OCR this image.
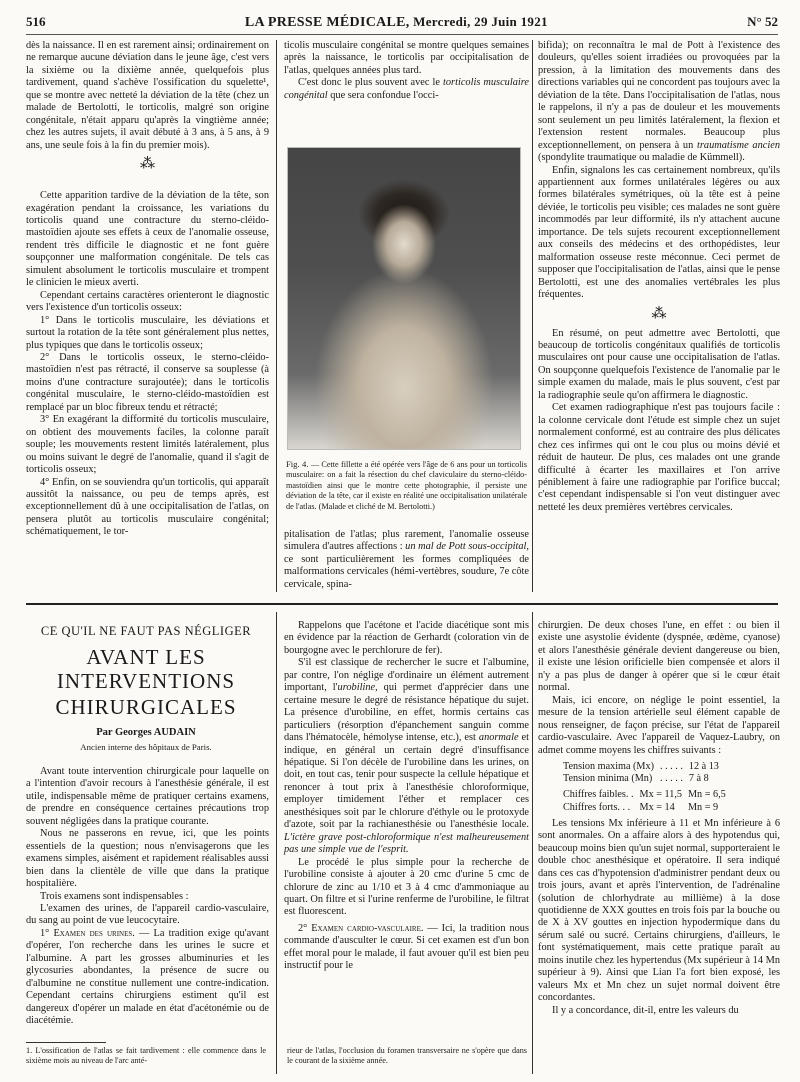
516	LA PRESSE MÉDICALE, Mercredi, 29 Juin 1921	N° 52

dès la naissance. Il en est rarement ainsi; ordinairement on ne remarque aucune déviation dans le jeune âge, c'est vers la sixième ou la dixième année, quelquefois plus tardivement, quand s'achève l'ossification du squelette¹, que se montre avec netteté la déviation de la tête (chez un malade de Bertolotti, le torticolis, malgré son origine congénitale, n'était apparu qu'après la vingtième année; chez les autres sujets, il avait débuté à 3 ans, à 5 ans, à 9 ans, une seule fois à la fin du premier mois).

⁂

Cette apparition tardive de la déviation de la tête, son exagération pendant la croissance, les variations du torticolis quand une contracture du sterno-cléido-mastoïdien ajoute ses effets à ceux de l'anomalie osseuse, rendent très difficile le diagnostic et ne font guère soupçonner une malformation congénitale. De tels cas simulent absolument le torticolis musculaire et trompent le clinicien le mieux averti.

Cependant certains caractères orienteront le diagnostic vers l'existence d'un torticolis osseux:

1° Dans le torticolis musculaire, les déviations et surtout la rotation de la tête sont généralement plus nettes, plus typiques que dans le torticolis osseux;

2° Dans le torticolis osseux, le sterno-cléido-mastoïdien n'est pas rétracté, il conserve sa souplesse (à moins d'une contracture surajoutée); dans le torticolis congénital musculaire, le sterno-cléido-mastoïdien est remplacé par un bloc fibreux tendu et rétracté;

3° En exagérant la difformité du torticolis musculaire, on obtient des mouvements faciles, la colonne paraît souple; les mouvements restent limités latéralement, plus ou moins suivant le degré de l'anomalie, quand il s'agit de torticolis osseux;

4° Enfin, on se souviendra qu'un torticolis, qui apparaît aussitôt la naissance, ou peu de temps après, est exceptionnellement dû à une occipitalisation de l'atlas, on pensera plutôt au torticolis musculaire congénital; schématiquement, le tor-

ticolis musculaire congénital se montre quelques semaines après la naissance, le torticolis par occipitalisation de l'atlas, quelques années plus tard.

C'est donc le plus souvent avec le torticolis musculaire congénital que sera confondue l'occi-

Fig. 4. — Cette fillette a été opérée vers l'âge de 6 ans pour un torticolis musculaire: on a fait la résection du chef claviculaire du sterno-cléido-mastoïdien ainsi que le montre cette photographie, il persiste une déviation de la tête, car il existe en réalité une occipitalisation unilatérale de l'atlas. (Malade et cliché de M. Bertolotti.)

pitalisation de l'atlas; plus rarement, l'anomalie osseuse simulera d'autres affections : un mal de Pott sous-occipital, ce sont particulièrement les formes compliquées de malformations cervicales (hémi-vertèbres, soudure, 7e côte cervicale, spina-

bifida); on reconnaîtra le mal de Pott à l'existence des douleurs, qu'elles soient irradiées ou provoquées par la pression, à la limitation des mouvements dans des directions variables qui ne concordent pas toujours avec la déviation de la tête. Dans l'occipitalisation de l'atlas, nous le rappelons, il n'y a pas de douleur et les mouvements sont seulement un peu limités latéralement, la flexion et l'extension restent normales. Beaucoup plus exceptionnellement, on pensera à un traumatisme ancien (spondylite traumatique ou maladie de Kümmell).

Enfin, signalons les cas certainement nombreux, qu'ils appartiennent aux formes unilatérales légères ou aux formes bilatérales symétriques, où la tête est à peine déviée, le torticolis peu visible; ces malades ne sont guère incommodés par leur difformité, ils n'y attachent aucune importance. De tels sujets recourent exceptionnellement aux conseils des médecins et des orthopédistes, leur malformation osseuse reste méconnue. Ceci permet de supposer que l'occipitalisation de l'atlas, ainsi que le pense Bertolotti, est une des anomalies vertébrales les plus fréquentes.

⁂

En résumé, on peut admettre avec Bertolotti, que beaucoup de torticolis congénitaux qualifiés de torticolis musculaires ont pour cause une occipitalisation de l'atlas. On soupçonne quelquefois l'existence de l'anomalie par le simple examen du malade, mais le plus souvent, c'est par la radiographie seule qu'on affirmera le diagnostic.

Cet examen radiographique n'est pas toujours facile : la colonne cervicale dont l'étude est simple chez un sujet normalement conformé, est au contraire des plus délicates chez ces infirmes qui ont le cou plus ou moins dévié et réduit de hauteur. De plus, ces malades ont une grande difficulté à écarter les maxillaires et l'on arrive péniblement à faire une radiographie par l'orifice buccal; c'est cependant indispensable si l'on veut distinguer avec netteté les deux premières vertèbres cervicales.

CE QU'IL NE FAUT PAS NÉGLIGER
AVANT LES INTERVENTIONS
CHIRURGICALES
Par Georges AUDAIN
Ancien interne des hôpitaux de Paris.

Avant toute intervention chirurgicale pour laquelle on a l'intention d'avoir recours à l'anesthésie générale, il est utile, indispensable même de pratiquer certains examens, de prendre en conséquence certaines précautions trop souvent négligées dans la pratique courante.

Nous ne passerons en revue, ici, que les points essentiels de la question; nous n'envisagerons que les examens simples, aisément et rapidement réalisables aussi bien dans la clientèle de ville que dans la pratique hospitalière.

Trois examens sont indispensables :

L'examen des urines, de l'appareil cardio-vasculaire, du sang au point de vue leucocytaire.

1° Examen des urines. — La tradition exige qu'avant d'opérer, l'on recherche dans les urines le sucre et l'albumine. A part les grosses albuminuries et les glycosuries abondantes, la présence de sucre ou d'albumine ne constitue nullement une contre-indication. Cependant certains chirurgiens estiment qu'il est dangereux d'opérer un malade en état d'acétonémie ou de diacétémie.

1. L'ossification de l'atlas se fait tardivement : elle commence dans le sixième mois au niveau de l'arc anté-

Rappelons que l'acétone et l'acide diacétique sont mis en évidence par la réaction de Gerhardt (coloration vin de bourgogne avec le perchlorure de fer).

S'il est classique de rechercher le sucre et l'albumine, par contre, l'on néglige d'ordinaire un élément autrement important, l'urobiline, qui permet d'apprécier dans une certaine mesure le degré de résistance hépatique du sujet. La présence d'urobiline, en effet, hormis certains cas particuliers (résorption d'épanchement sanguin comme dans l'hématocèle, hémolyse intense, etc.), est anormale et indique, en général un certain degré d'insuffisance hépatique. Si l'on décèle de l'urobiline dans les urines, on doit, en tout cas, tenir pour suspecte la cellule hépatique et renoncer à tout prix à l'anesthésie chloroformique, employer timidement l'éther et remplacer ces anesthésiques soit par le chlorure d'éthyle ou le protoxyde d'azote, soit par la rachianesthésie ou l'anesthésie locale. L'ictère grave post-chloroformique n'est malheureusement pas une simple vue de l'esprit.

Le procédé le plus simple pour la recherche de l'urobiline consiste à ajouter à 20 cmc d'urine 5 cmc de chlorure de zinc au 1/10 et 3 à 4 cmc d'ammoniaque au quart. On filtre et si l'urine renferme de l'urobiline, le filtrat est fluorescent.

2° Examen cardio-vasculaire. — Ici, la tradition nous commande d'ausculter le cœur. Si cet examen est d'un bon effet moral pour le malade, il faut avouer qu'il est bien peu instructif pour le

rieur de l'atlas, l'occlusion du foramen transversaire ne s'opère que dans le courant de la sixième année.

chirurgien. De deux choses l'une, en effet : ou bien il existe une asystolie évidente (dyspnée, œdème, cyanose) et alors l'anesthésie générale devient dangereuse ou bien, il existe une lésion orificielle bien compensée et alors il n'y a pas plus de danger à opérer que si le cœur était normal.

Mais, ici encore, on néglige le point essentiel, la mesure de la tension artérielle seul élément capable de nous renseigner, de façon précise, sur l'état de l'appareil cardio-vasculaire. Avec l'appareil de Vaquez-Laubry, on admet comme moyens les chiffres suivants :

Tension maxima (Mx)	. . . . .	12 à 13
Tension minima (Mn)	. . . . .	7 à 8
Chiffres faibles. .	Mx = 11,5	Mn = 6,5
Chiffres forts. . .	Mx = 14	Mn = 9

Les tensions Mx inférieure à 11 et Mn inférieure à 6 sont anormales. On a affaire alors à des hypotendus qui, beaucoup moins bien qu'un sujet normal, supporteraient le double choc anesthésique et opératoire. Il sera indiqué dans ces cas d'hypotension d'administrer pendant deux ou trois jours, avant et après l'intervention, de l'adrénaline (solution de chlorhydrate au millième) à la dose quotidienne de XXX gouttes en trois fois par la bouche ou de X à XV gouttes en injection hypodermique dans du sérum salé ou sucré. Certains chirurgiens, d'ailleurs, le font systématiquement, mais cette pratique paraît au moins inutile chez les hypertendus (Mx supérieur à 14 Mn supérieur à 9). Ainsi que Lian l'a fort bien exposé, les valeurs Mx et Mn chez un sujet normal doivent être concordantes.

Il y a concordance, dit-il, entre les valeurs du
